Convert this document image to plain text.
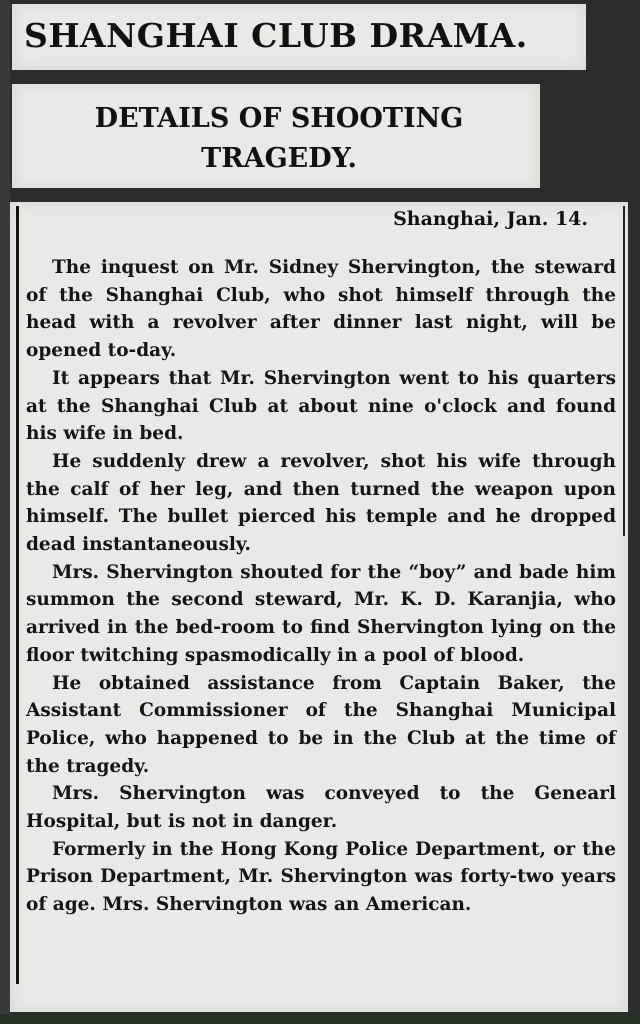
SHANGHAI CLUB DRAMA.
DETAILS OF SHOOTING
TRAGEDY.
Shanghai, Jan. 14.

The inquest on Mr. Sidney Shervington, the steward of the Shanghai Club, who shot himself through the head with a revolver after dinner last night, will be opened to-day.

It appears that Mr. Shervington went to his quarters at the Shanghai Club at about nine o'clock and found his wife in bed.

He suddenly drew a revolver, shot his wife through the calf of her leg, and then turned the weapon upon himself. The bullet pierced his temple and he dropped dead instantaneously.

Mrs. Shervington shouted for the “boy” and bade him summon the second steward, Mr. K. D. Karanjia, who arrived in the bed-room to find Shervington lying on the floor twitching spasmodically in a pool of blood.

He obtained assistance from Captain Baker, the Assistant Commissioner of the Shanghai Municipal Police, who happened to be in the Club at the time of the tragedy.

Mrs. Shervington was conveyed to the Genearl Hospital, but is not in danger.

Formerly in the Hong Kong Police Department, or the Prison Department, Mr. Shervington was forty-two years of age. Mrs. Shervington was an American.
